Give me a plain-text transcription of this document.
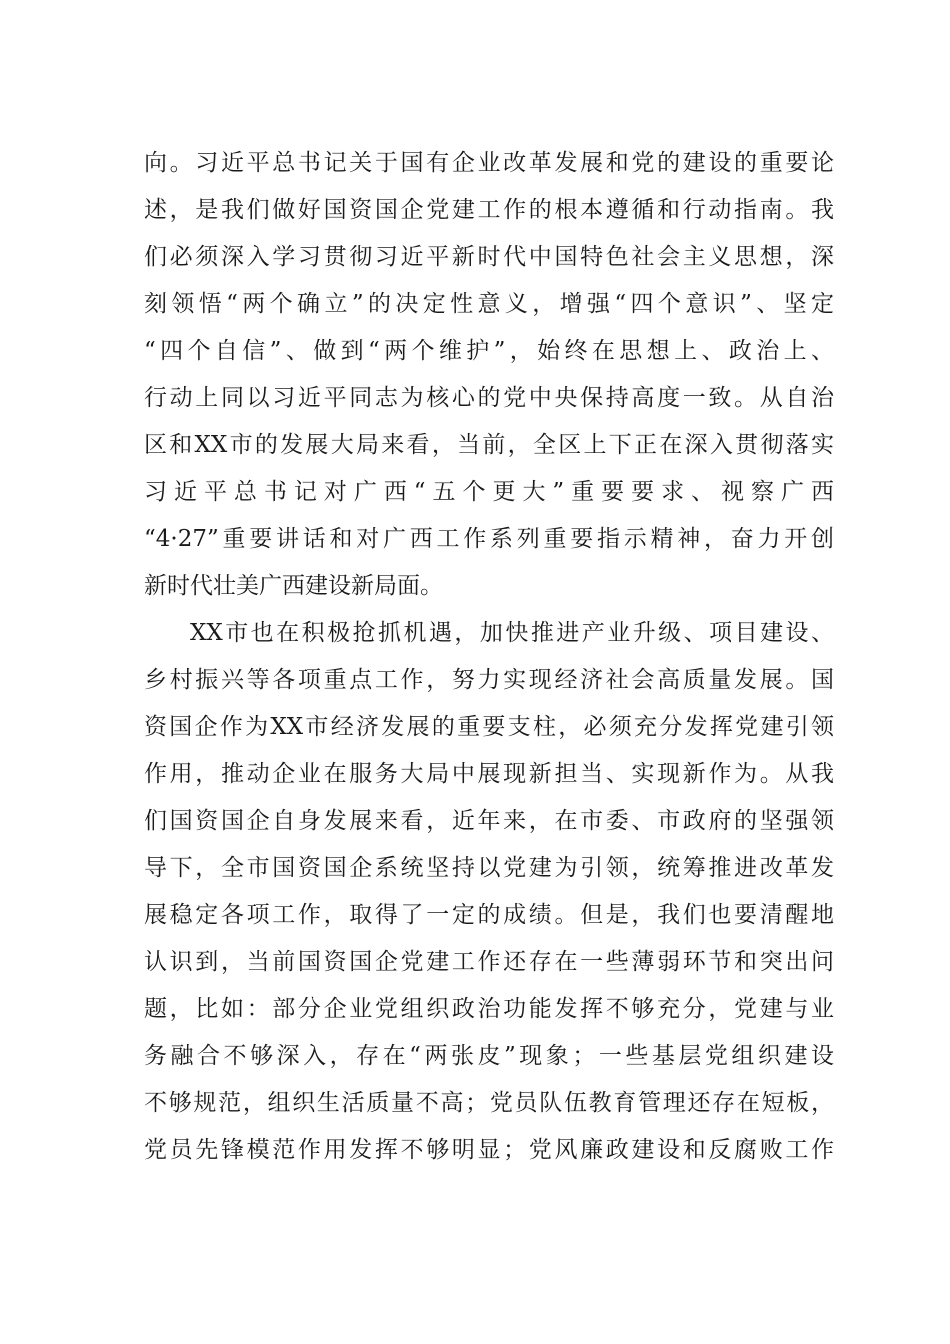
向。习近平总书记关于国有企业改革发展和党的建设的重要论
述，是我们做好国资国企党建工作的根本遵循和行动指南。我
们必须深入学习贯彻习近平新时代中国特色社会主义思想，深
刻领悟“两个确立”的决定性意义，增强“四个意识”、坚定
“四个自信”、做到“两个维护”，始终在思想上、政治上、
行动上同以习近平同志为核心的党中央保持高度一致。从自治
区和XX市的发展大局来看，当前，全区上下正在深入贯彻落实
习近平总书记对广西“五个更大”重要要求、视察广西
“4·27”重要讲话和对广西工作系列重要指示精神，奋力开创
新时代壮美广西建设新局面。
XX市也在积极抢抓机遇，加快推进产业升级、项目建设、
乡村振兴等各项重点工作，努力实现经济社会高质量发展。国
资国企作为XX市经济发展的重要支柱，必须充分发挥党建引领
作用，推动企业在服务大局中展现新担当、实现新作为。从我
们国资国企自身发展来看，近年来，在市委、市政府的坚强领
导下，全市国资国企系统坚持以党建为引领，统筹推进改革发
展稳定各项工作，取得了一定的成绩。但是，我们也要清醒地
认识到，当前国资国企党建工作还存在一些薄弱环节和突出问
题，比如：部分企业党组织政治功能发挥不够充分，党建与业
务融合不够深入，存在“两张皮”现象；一些基层党组织建设
不够规范，组织生活质量不高；党员队伍教育管理还存在短板，
党员先锋模范作用发挥不够明显；党风廉政建设和反腐败工作
